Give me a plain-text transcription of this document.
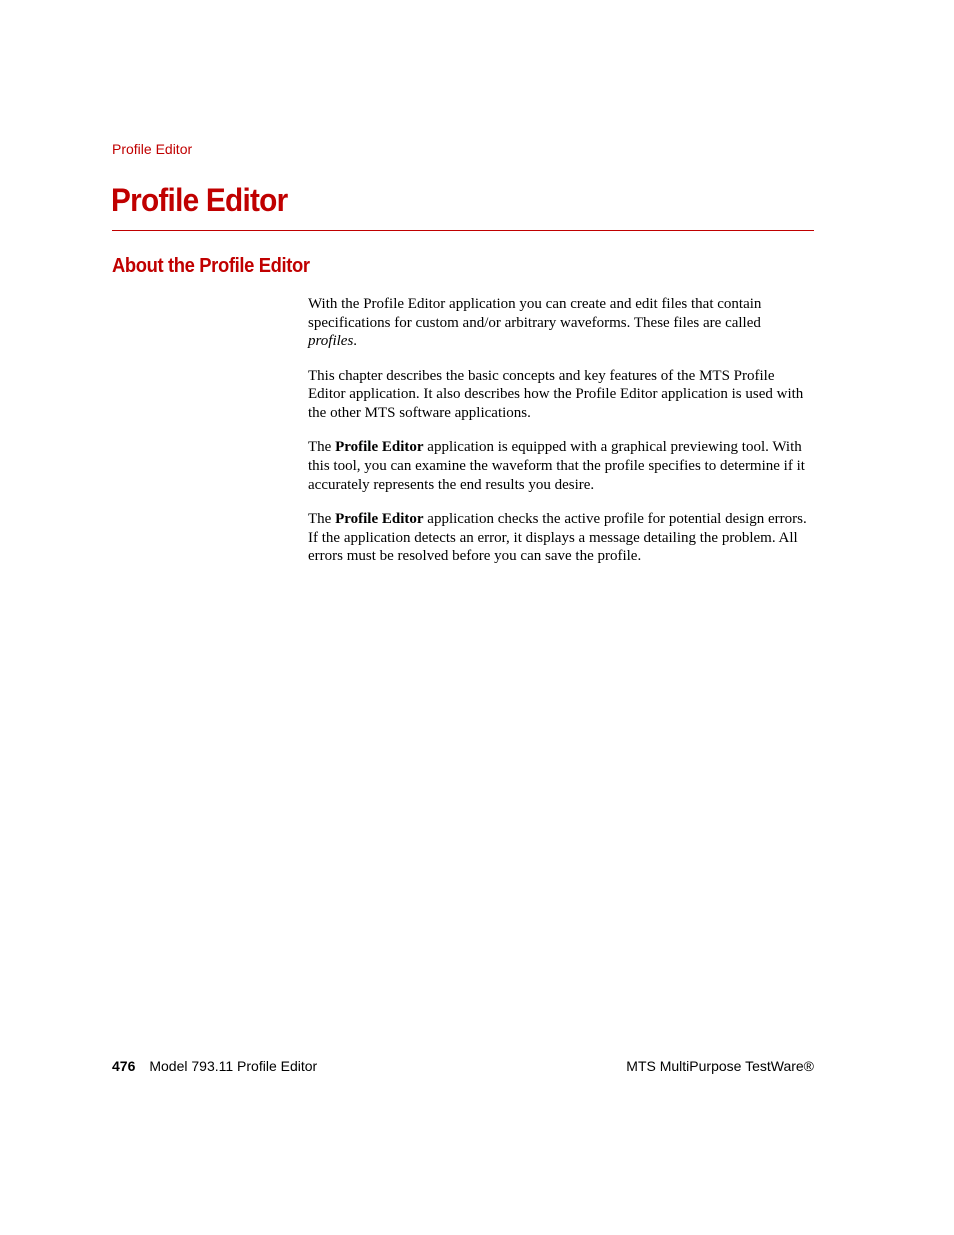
Profile Editor
Profile Editor
About the Profile Editor

With the Profile Editor application you can create and edit files that contain specifications for custom and/or arbitrary waveforms. These files are called profiles.

This chapter describes the basic concepts and key features of the MTS Profile Editor application. It also describes how the Profile Editor application is used with the other MTS software applications.

The Profile Editor application is equipped with a graphical previewing tool. With this tool, you can examine the waveform that the profile specifies to determine if it accurately represents the end results you desire.

The Profile Editor application checks the active profile for potential design errors. If the application detects an error, it displays a message detailing the problem. All errors must be resolved before you can save the profile.

476 Model 793.11 Profile Editor	MTS MultiPurpose TestWare®
